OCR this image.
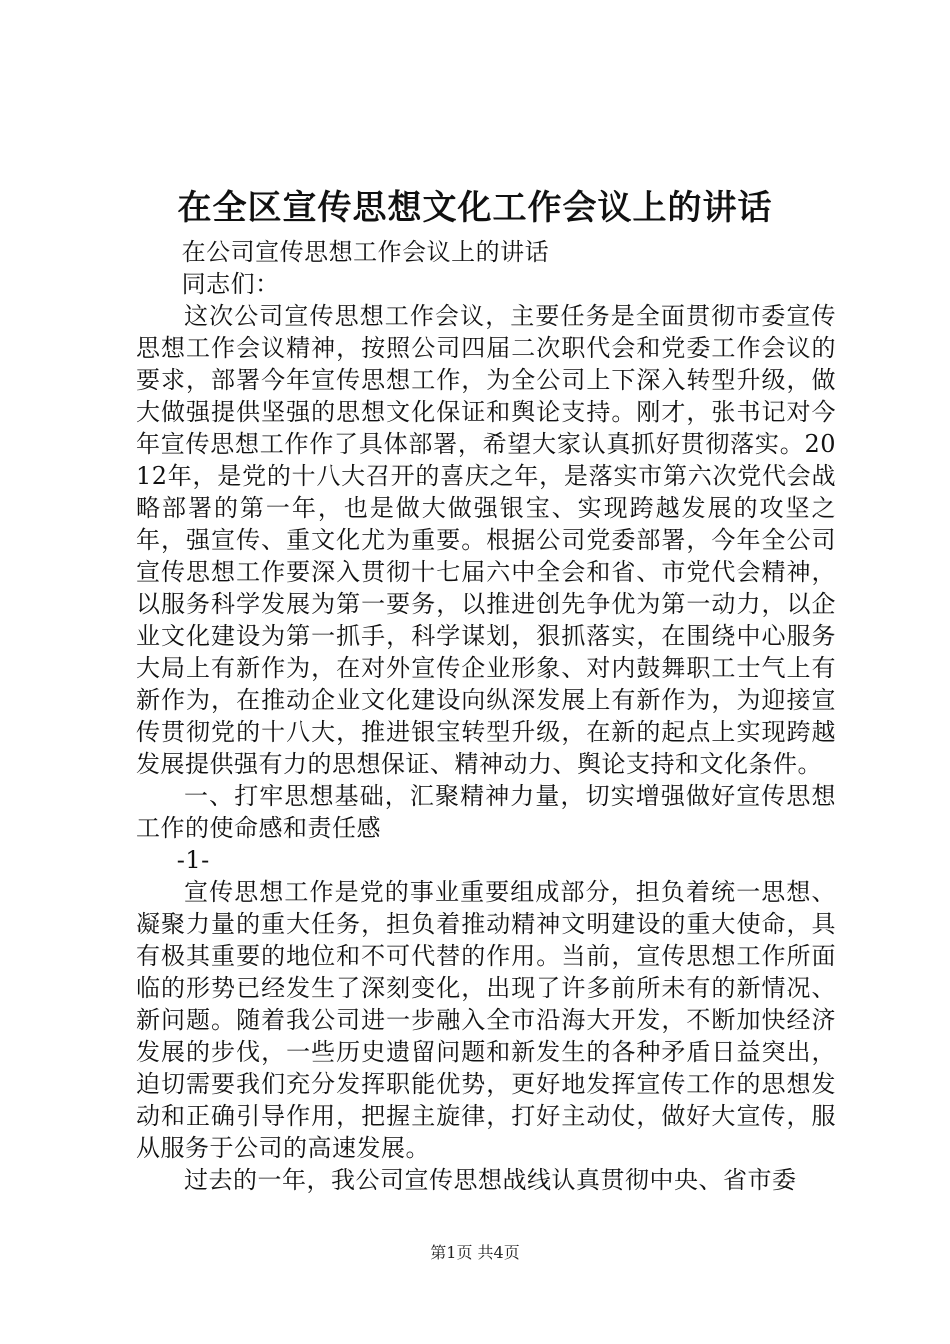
在全区宣传思想文化工作会议上的讲话

在公司宣传思想工作会议上的讲话

同志们：

这次公司宣传思想工作会议，主要任务是全面贯彻市委宣传思想工作会议精神，按照公司四届二次职代会和党委工作会议的要求，部署今年宣传思想工作，为全公司上下深入转型升级，做大做强提供坚强的思想文化保证和舆论支持。刚才，张书记对今年宣传思想工作作了具体部署，希望大家认真抓好贯彻落实。2012年，是党的十八大召开的喜庆之年，是落实市第六次党代会战略部署的第一年，也是做大做强银宝、实现跨越发展的攻坚之年，强宣传、重文化尤为重要。根据公司党委部署，今年全公司宣传思想工作要深入贯彻十七届六中全会和省、市党代会精神，以服务科学发展为第一要务，以推进创先争优为第一动力，以企业文化建设为第一抓手，科学谋划，狠抓落实，在围绕中心服务大局上有新作为，在对外宣传企业形象、对内鼓舞职工士气上有新作为，在推动企业文化建设向纵深发展上有新作为，为迎接宣传贯彻党的十八大，推进银宝转型升级，在新的起点上实现跨越发展提供强有力的思想保证、精神动力、舆论支持和文化条件。

一、打牢思想基础，汇聚精神力量，切实增强做好宣传思想工作的使命感和责任感

-1-

宣传思想工作是党的事业重要组成部分，担负着统一思想、凝聚力量的重大任务，担负着推动精神文明建设的重大使命，具有极其重要的地位和不可代替的作用。当前，宣传思想工作所面临的形势已经发生了深刻变化，出现了许多前所未有的新情况、新问题。随着我公司进一步融入全市沿海大开发，不断加快经济发展的步伐，一些历史遗留问题和新发生的各种矛盾日益突出，迫切需要我们充分发挥职能优势，更好地发挥宣传工作的思想发动和正确引导作用，把握主旋律，打好主动仗，做好大宣传，服从服务于公司的高速发展。

过去的一年，我公司宣传思想战线认真贯彻中央、省市委

第1页 共4页
